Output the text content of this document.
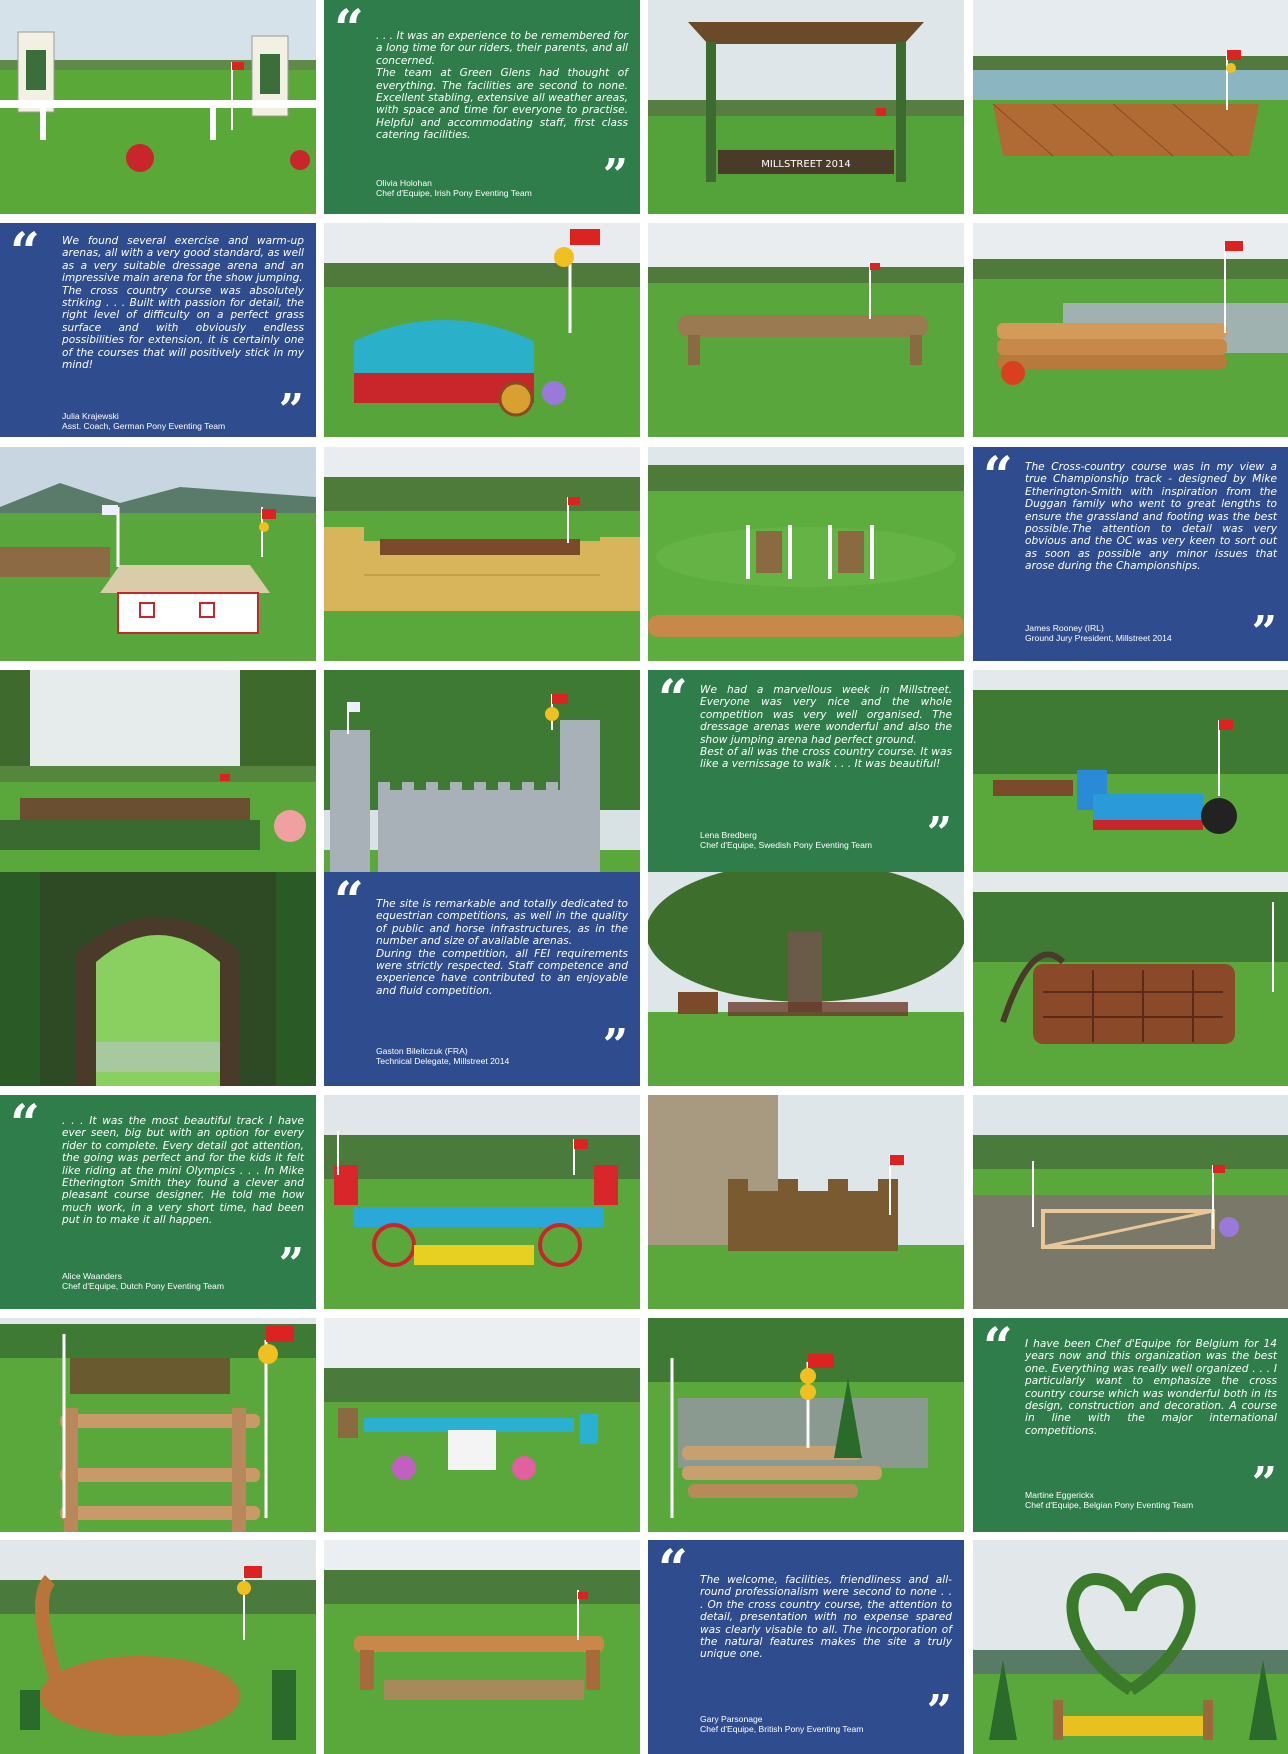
“ . . . It was an experience to be remembered for a long time for our riders, their parents, and all concerned.
The team at Green Glens had thought of everything. The facilities are second to none. Excellent stabling, extensive all weather areas, with space and time for everyone to practise. Helpful and accommodating staff, first class catering facilities.
”
Olivia Holohan
Chef d'Equipe, Irish Pony Eventing Team
MILLSTREET 2014
“	We found several exercise and warm-up arenas, all with a very good standard, as well as a very suitable dressage arena and an impressive main arena for the show jumping.
The cross country course was absolutely striking . . . Built with passion for detail, the right level of difficulty on a perfect grass surface and with obviously endless possibilities for extension, it is certainly one of the courses that will positively stick in my mind!
”
Julia Krajewski
Asst. Coach, German Pony Eventing Team
“ The Cross-country course was in my view a true Championship track - designed by Mike Etherington-Smith with inspiration from the Duggan family who went to great lengths to ensure the grassland and footing was the best possible.The attention to detail was very obvious and the OC was very keen to sort out as soon as possible any minor issues that arose during the Championships.
”
James Rooney (IRL)
Ground Jury President, Millstreet 2014
“ We had a marvellous week in Millstreet. Everyone was very nice and the whole competition was very well organised. The dressage arenas were wonderful and also the show jumping arena had perfect ground.
Best of all was the cross country course. It was like a vernissage to walk . . . It was beautiful!
”
Lena Bredberg
Chef d'Equipe, Swedish Pony Eventing Team
“ The site is remarkable and totally dedicated to equestrian competitions, as well in the quality of public and horse infrastructures, as in the number and size of available arenas.
During the competition, all FEI requirements were strictly respected. Staff competence and experience have contributed to an enjoyable and fluid competition.
”
Gaston Bileitczuk (FRA)
Technical Delegate, Millstreet 2014
“	. . . It was the most beautiful track I have ever seen, big but with an option for every rider to complete. Every detail got attention, the going was perfect and for the kids it felt like riding at the mini Olympics . . . In Mike Etherington Smith they found a clever and pleasant course designer. He told me how much work, in a very short time, had been put in to make it all happen.
”
Alice Waanders
Chef d'Equipe, Dutch Pony Eventing Team
“ I have been Chef d'Equipe for Belgium for 14 years now and this organization was the best one. Everything was really well organized . . . I particularly want to emphasize the cross country course which was wonderful both in its design, construction and decoration. A course in line with the major international competitions.
”
Martine Eggerickx
Chef d'Equipe, Belgian Pony Eventing Team
“ The welcome, facilities, friendliness and all-round professionalism were second to none . . . On the cross country course, the attention to detail, presentation with no expense spared was clearly visable to all. The incorporation of the natural features makes the site a truly unique one.
”
Gary Parsonage
Chef d'Equipe, British Pony Eventing Team
